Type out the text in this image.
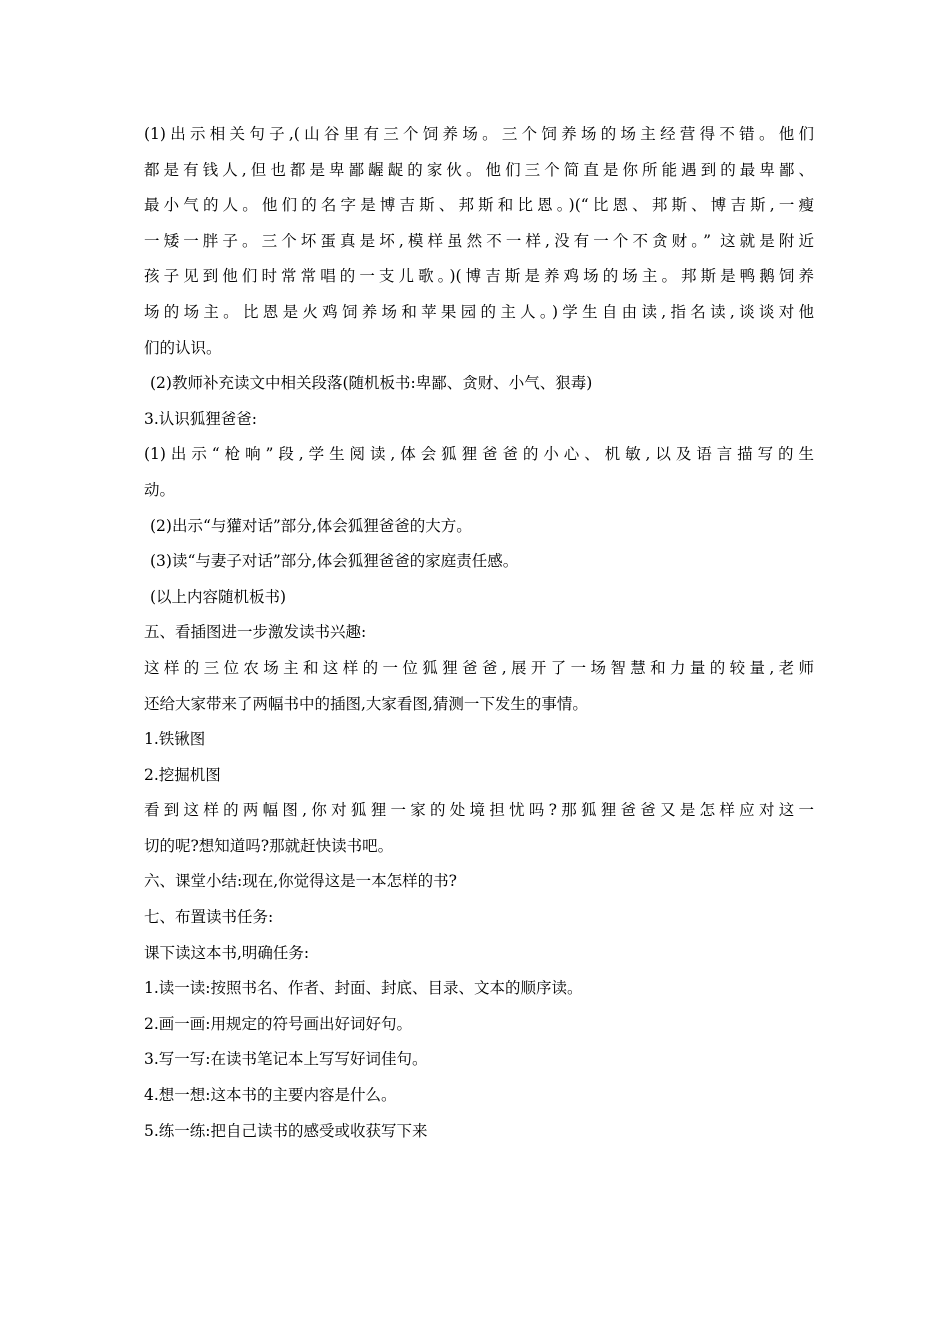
(1)出示相关句子,(山谷里有三个饲养场。三个饲养场的场主经营得不错。他们

都是有钱人,但也都是卑鄙龌龊的家伙。他们三个简直是你所能遇到的最卑鄙、

最小气的人。他们的名字是博吉斯、邦斯和比恩。)(“比恩、邦斯、博吉斯,一瘦

一矮一胖子。三个坏蛋真是坏,模样虽然不一样,没有一个不贪财。” 这就是附近

孩子见到他们时常常唱的一支儿歌。)(博吉斯是养鸡场的场主。邦斯是鸭鹅饲养

场的场主。比恩是火鸡饲养场和苹果园的主人。)学生自由读,指名读,谈谈对他

们的认识。

(2)教师补充读文中相关段落(随机板书:卑鄙、贪财、小气、狠毒)

3.认识狐狸爸爸:

(1)出示“枪响”段,学生阅读,体会狐狸爸爸的小心、机敏,以及语言描写的生

动。

(2)出示“与獾对话”部分,体会狐狸爸爸的大方。

(3)读“与妻子对话”部分,体会狐狸爸爸的家庭责任感。

(以上内容随机板书)

五、看插图进一步激发读书兴趣:

这样的三位农场主和这样的一位狐狸爸爸,展开了一场智慧和力量的较量,老师

还给大家带来了两幅书中的插图,大家看图,猜测一下发生的事情。

1.铁锹图

2.挖掘机图

看到这样的两幅图,你对狐狸一家的处境担忧吗?那狐狸爸爸又是怎样应对这一

切的呢?想知道吗?那就赶快读书吧。

六、课堂小结:现在,你觉得这是一本怎样的书?

七、布置读书任务:

课下读这本书,明确任务:

1.读一读:按照书名、作者、封面、封底、目录、文本的顺序读。

2.画一画:用规定的符号画出好词好句。

3.写一写:在读书笔记本上写写好词佳句。

4.想一想:这本书的主要内容是什么。

5.练一练:把自己读书的感受或收获写下来
